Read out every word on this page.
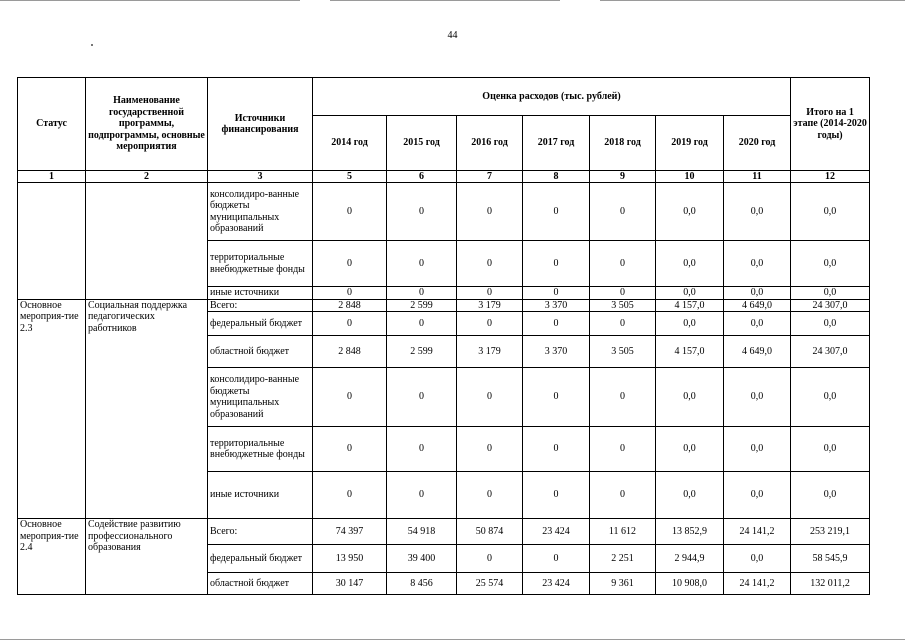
44
Статус	Наименование государственной программы, подпрограммы, основные мероприятия	Источники финансирования	Оценка расходов (тыс. рублей)							Итого на 1 этапе (2014-2020 годы)
			2014 год	2015 год	2016 год	2017 год	2018 год	2019 год	2020 год	
1	2	3	5	6	7	8	9	10	11	12
		консолидиро-ванные бюджеты муниципальных образований	0	0	0	0	0	0,0	0,0	0,0
		территориальные внебюджетные фонды	0	0	0	0	0	0,0	0,0	0,0
		иные источники	0	0	0	0	0	0,0	0,0	0,0
Основное мероприя-тие 2.3	Социальная поддержка педагогических работников	Всего:	2 848	2 599	3 179	3 370	3 505	4 157,0	4 649,0	24 307,0
		федеральный бюджет	0	0	0	0	0	0,0	0,0	0,0
		областной бюджет	2 848	2 599	3 179	3 370	3 505	4 157,0	4 649,0	24 307,0
		консолидиро-ванные бюджеты муниципальных образований	0	0	0	0	0	0,0	0,0	0,0
		территориальные внебюджетные фонды	0	0	0	0	0	0,0	0,0	0,0
		иные источники	0	0	0	0	0	0,0	0,0	0,0
Основное мероприя-тие 2.4	Содействие развитию профессионального образования	Всего:	74 397	54 918	50 874	23 424	11 612	13 852,9	24 141,2	253 219,1
		федеральный бюджет	13 950	39 400	0	0	2 251	2 944,9	0,0	58 545,9
		областной бюджет	30 147	8 456	25 574	23 424	9 361	10 908,0	24 141,2	132 011,2
